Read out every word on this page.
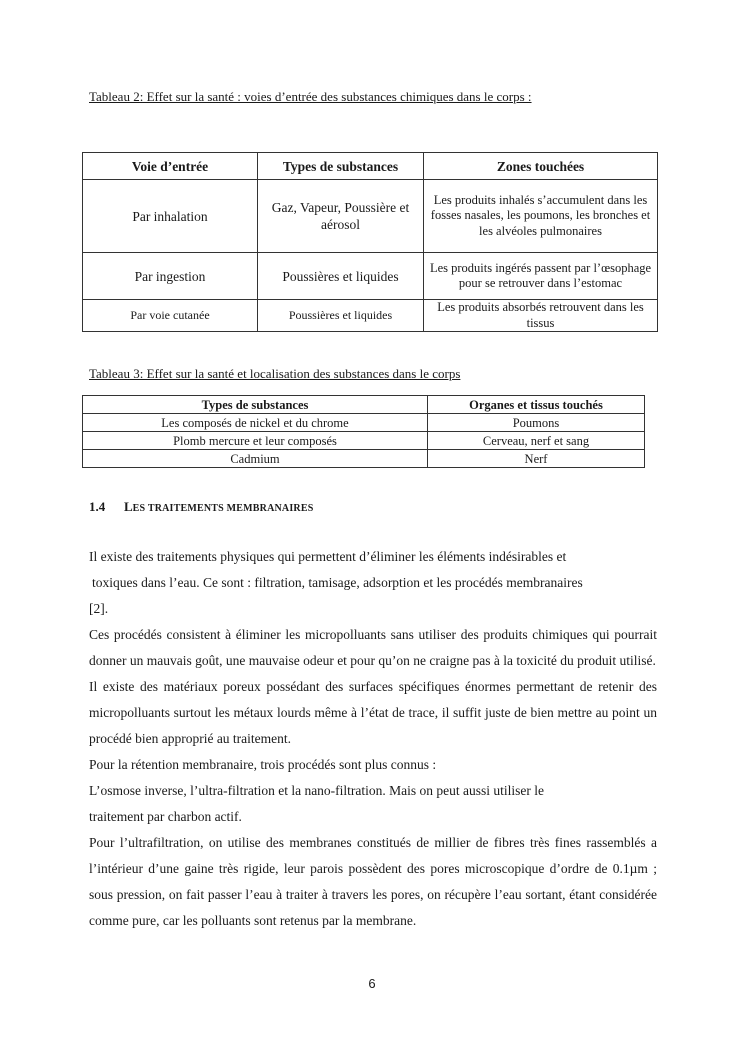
Tableau 2: Effet sur la santé : voies d’entrée des substances chimiques dans le corps :
Voie d’entrée	Types de substances	Zones touchées
Par inhalation	Gaz, Vapeur, Poussière et aérosol	Les produits inhalés s’accumulent dans les fosses nasales, les poumons, les bronches et les alvéoles pulmonaires
Par ingestion	Poussières et liquides	Les produits ingérés passent par l’œsophage pour se retrouver dans l’estomac
Par voie cutanée	Poussières et liquides	Les produits absorbés retrouvent dans les tissus
Tableau 3: Effet sur la santé et localisation des substances dans le corps
Types de substances	Organes et tissus touchés
Les composés de nickel et du chrome	Poumons
Plomb mercure et leur composés	Cerveau, nerf et sang
Cadmium	Nerf
1.4 LES TRAITEMENTS MEMBRANAIRES

Il existe des traitements physiques qui permettent d’éliminer les éléments indésirables et

toxiques dans l’eau. Ce sont : filtration, tamisage, adsorption et les procédés membranaires

[2].

Ces procédés consistent à éliminer les micropolluants sans utiliser des produits chimiques qui pourrait donner un mauvais goût, une mauvaise odeur et pour qu’on ne craigne pas à la toxicité du produit utilisé.

Il existe des matériaux poreux possédant des surfaces spécifiques énormes permettant de retenir des micropolluants surtout les métaux lourds même à l’état de trace, il suffit juste de bien mettre au point un procédé bien approprié au traitement.

Pour la rétention membranaire, trois procédés sont plus connus :

L’osmose inverse, l’ultra-filtration et la nano-filtration. Mais on peut aussi utiliser le

traitement par charbon actif.

Pour l’ultrafiltration, on utilise des membranes constitués de millier de fibres très fines rassemblés a l’intérieur d’une gaine très rigide, leur parois possèdent des pores microscopique d’ordre de 0.1µm ; sous pression, on fait passer l’eau à traiter à travers les pores, on récupère l’eau sortant, étant considérée comme pure, car les polluants sont retenus par la membrane.

6
